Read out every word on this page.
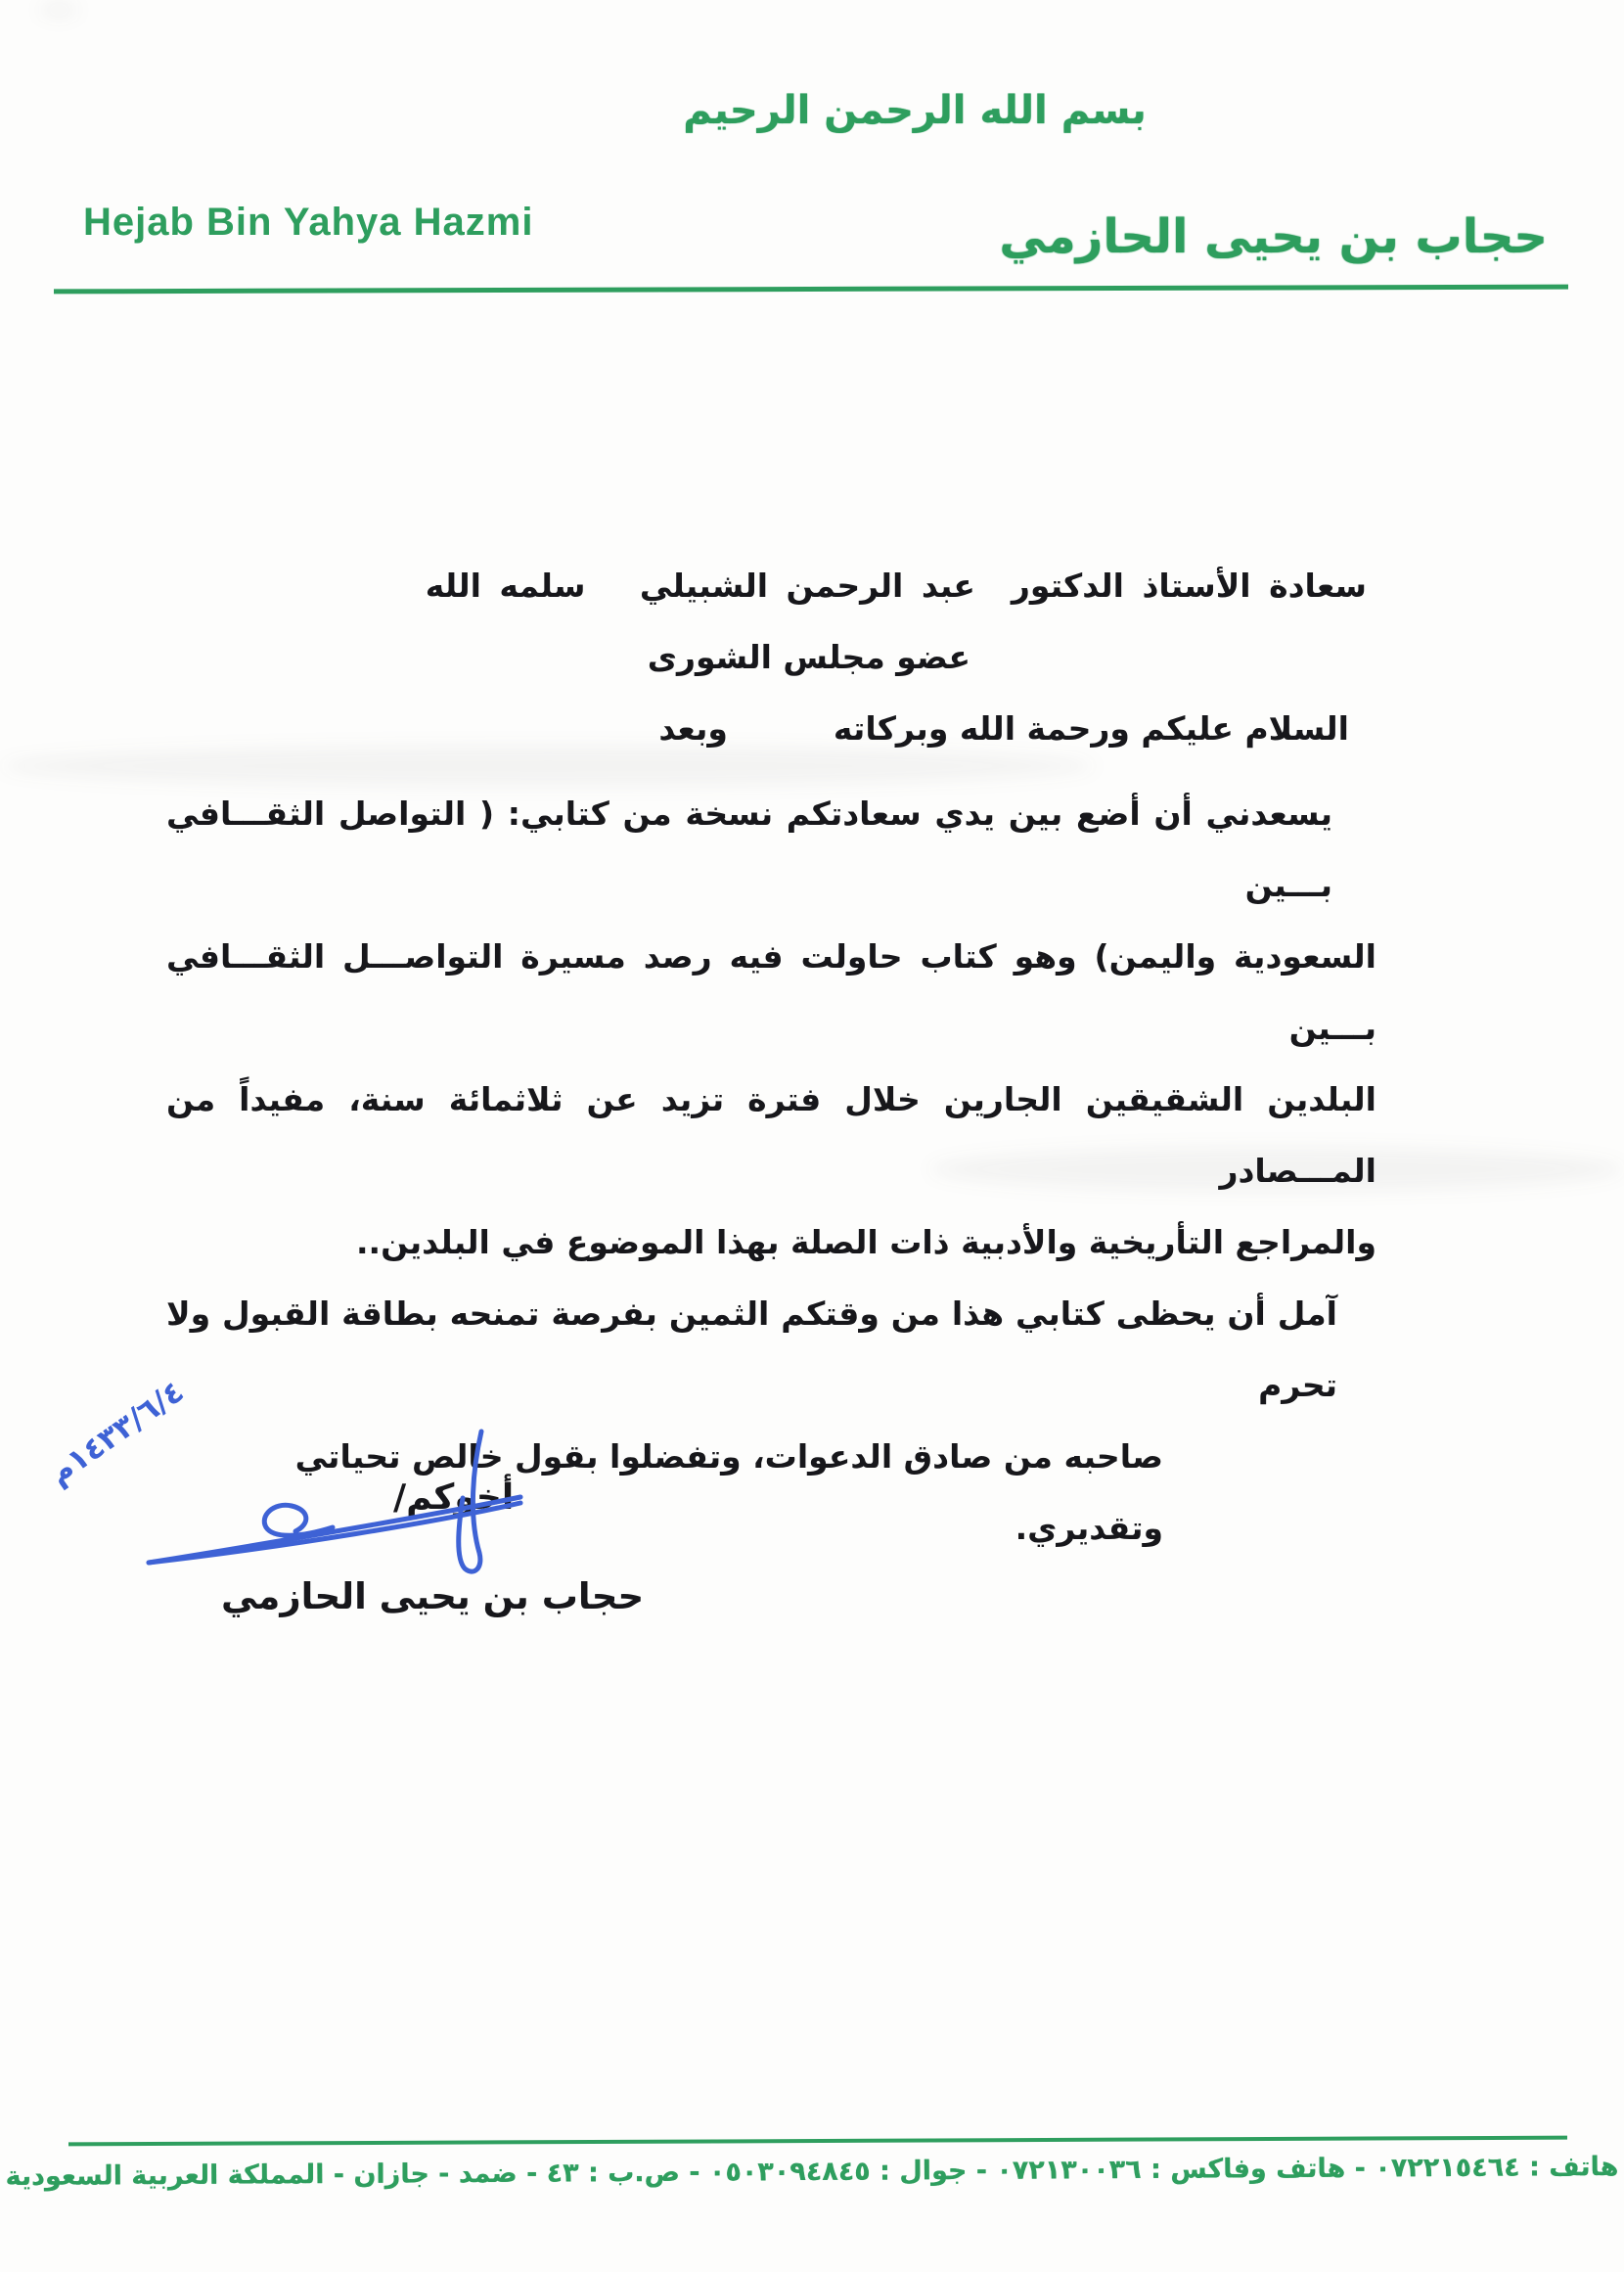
بسم الله الرحمن الرحيم
Hejab Bin Yahya Hazmi	حجاب بن يحيى الحازمي
سعادة الأستاذ الدكتور  عبد الرحمن الشبيلي   سلمه الله
عضو مجلس الشورى
السلام عليكم ورحمة الله وبركاتهوبعد
يسعدني أن أضع بين يدي سعادتكم نسخة من كتابي: ( التواصل الثقـــافي بـــين
السعودية واليمن) وهو كتاب حاولت فيه رصد مسيرة التواصـــل الثقـــافي بـــين
البلدين الشقيقين الجارين خلال فترة تزيد عن ثلاثمائة سنة، مفيداً من المـــصادر
والمراجع التأريخية والأدبية ذات الصلة بهذا الموضوع في البلدين..
آمل أن يحظى كتابي هذا من وقتكم الثمين بفرصة تمنحه بطاقة القبول ولا تحرم
صاحبه من صادق الدعوات، وتفضلوا بقول خالص تحياتي وتقديري.
أخوكم/
م١٤٣٣/٦/٤
حجاب بن يحيى الحازمي
هاتف : ٠٧٢٢١٥٤٦٤ - هاتف وفاكس : ٠٧٢١٣٠٠٣٦ - جوال : ٠٥٠٣٠٩٤٨٤٥ - ص.ب : ٤٣ - ضمد - جازان - المملكة العربية السعودية
